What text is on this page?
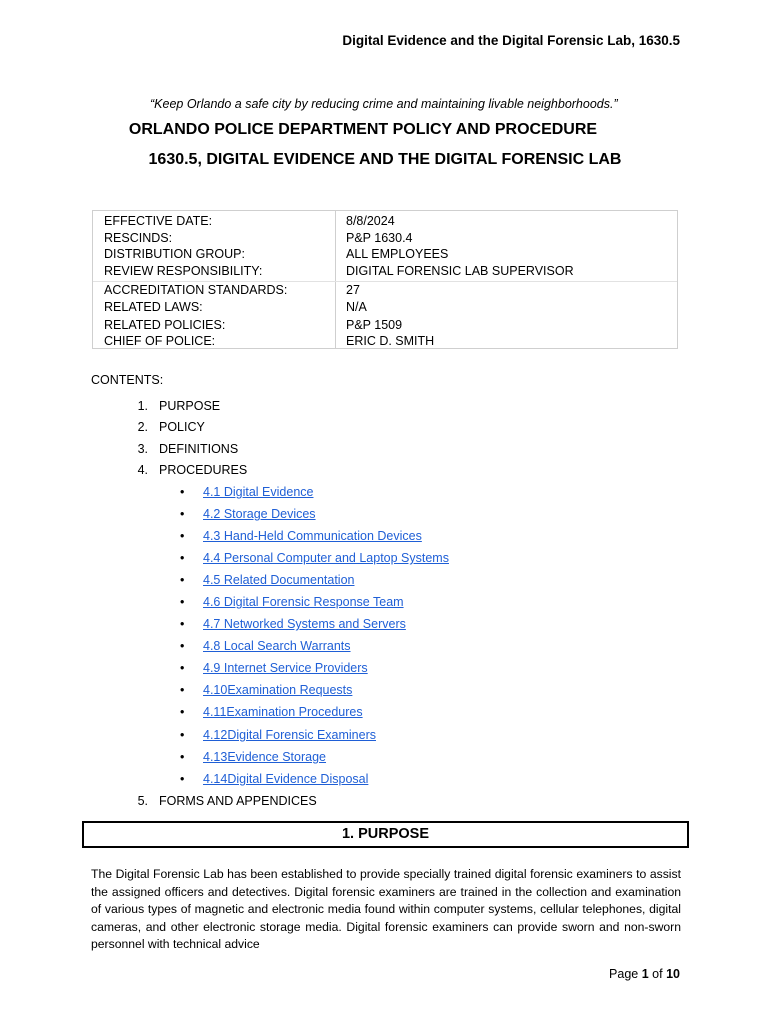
Digital Evidence and the Digital Forensic Lab, 1630.5
“Keep Orlando a safe city by reducing crime and maintaining livable neighborhoods.”
ORLANDO POLICE DEPARTMENT POLICY AND PROCEDURE
1630.5, DIGITAL EVIDENCE AND THE DIGITAL FORENSIC LAB
EFFECTIVE DATE:
RESCINDS:
DISTRIBUTION GROUP:
REVIEW RESPONSIBILITY:
ACCREDITATION STANDARDS:
RELATED LAWS:
RELATED POLICIES:
CHIEF OF POLICE:
8/8/2024
P&P 1630.4
ALL EMPLOYEES
DIGITAL FORENSIC LAB SUPERVISOR
27
N/A
P&P 1509
ERIC D. SMITH
CONTENTS:
1. PURPOSE
2. POLICY
3. DEFINITIONS
4. PROCEDURES
• 4.1 Digital Evidence
• 4.2 Storage Devices
• 4.3 Hand-Held Communication Devices
• 4.4 Personal Computer and Laptop Systems
• 4.5 Related Documentation
• 4.6 Digital Forensic Response Team
• 4.7 Networked Systems and Servers
• 4.8 Local Search Warrants
• 4.9 Internet Service Providers
• 4.10Examination Requests
• 4.11Examination Procedures
• 4.12Digital Forensic Examiners
• 4.13Evidence Storage
• 4.14Digital Evidence Disposal
5. FORMS AND APPENDICES
1. PURPOSE
The Digital Forensic Lab has been established to provide specially trained digital forensic examiners to assist the assigned officers and detectives. Digital forensic examiners are trained in the collection and examination of various types of magnetic and electronic media found within computer systems, cellular telephones, digital cameras, and other electronic storage media. Digital forensic examiners can provide sworn and non-sworn personnel with technical advice
Page 1 of 10
